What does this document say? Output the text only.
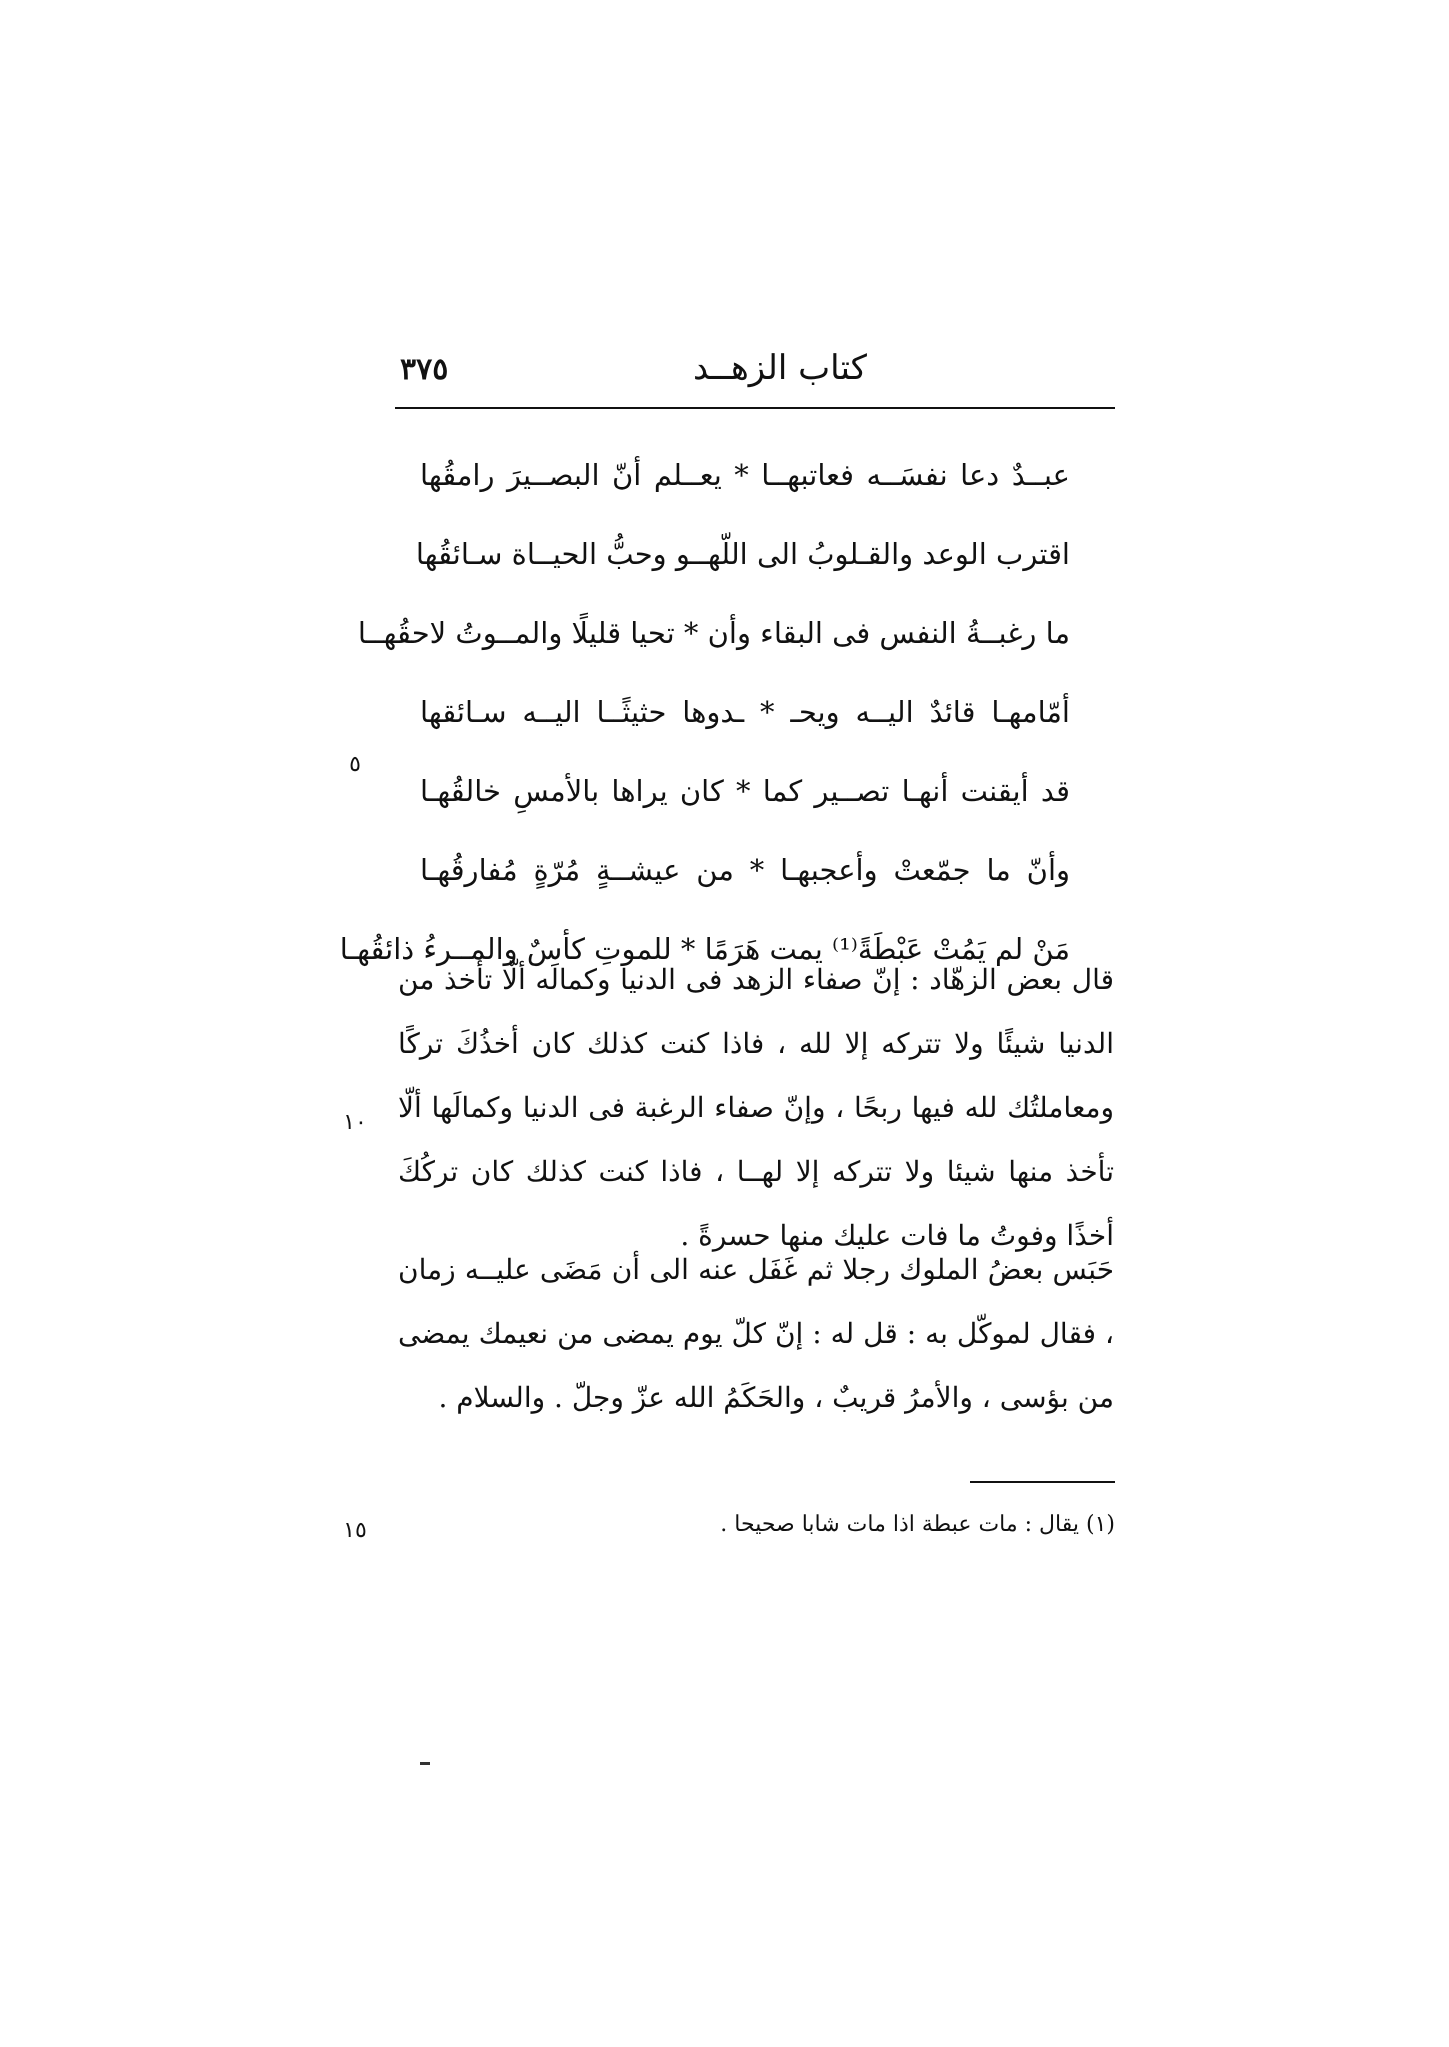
كتاب الزهــد
٣٧٥
عبــدٌ دعا نفسَــه فعاتبهــا * يعــلم أنّ البصــيرَ رامقُها
اقترب الوعد والقـلوبُ الى اللّهــو وحبُّ الحيــاة سـائقُها
ما رغبــةُ النفس فى البقاء وأن * تحيا قليلًا والمــوتُ لاحقُهــا
أمّامهـا قائدٌ اليــه ويحـ * ـدوها حثيثًــا اليــه سـائقها
قد أيقنت أنهـا تصــير كما * كان يراها بالأمسِ خالقُهـا
وأنّ ما جمّعتْ وأعجبهـا * من عيشــةٍ مُرّةٍ مُفارقُهـا
مَنْ لم يَمُتْ عَبْطَةً⁽¹⁾ يمت هَرَمًا * للموتِ كأسٌ والمــرءُ ذائقُهـا
٥

قال بعض الزهّاد : إنّ صفاء الزهد فى الدنيا وكمالَه ألّا تأخذ من الدنيا شيئًا ولا تتركه إلا لله ، فاذا كنت كذلك كان أخذُكَ تركًا ومعاملتُك لله فيها ربحًا ، وإنّ صفاء الرغبة فى الدنيا وكمالَها ألّا تأخذ منها شيئا ولا تتركه إلا لهــا ، فاذا كنت كذلك كان تركُكَ أخذًا وفوتُ ما فات عليك منها حسرةً .

١٠

حَبَس بعضُ الملوك رجلا ثم غَفَل عنه الى أن مَضَى عليــه زمان ، فقال لموكّل به : قل له : إنّ كلّ يوم يمضى من نعيمك يمضى من بؤسى ، والأمرُ قريبٌ ، والحَكَمُ الله عزّ وجلّ . والسلام .

(١) يقال : مات عبطة اذا مات شابا صحيحا .
١٥
